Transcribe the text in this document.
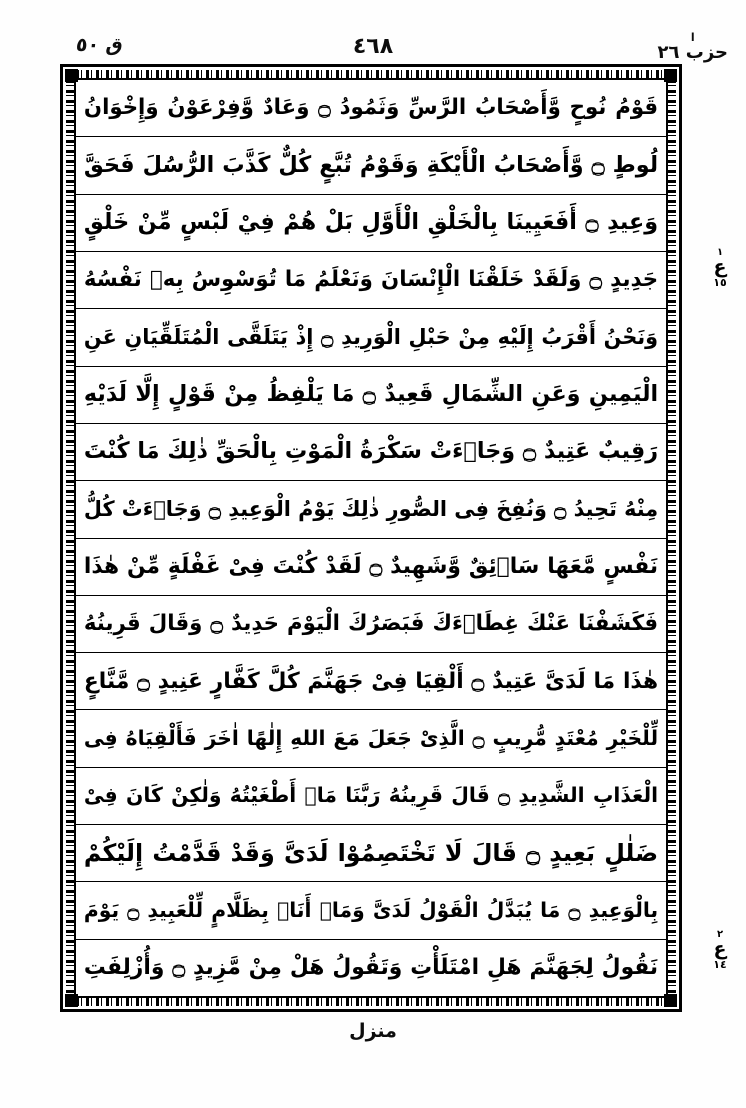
ق ٥٠	٤٦٨	ا
حزب ٢٦
قَوْمُ نُوحٍ وَّأَصْحَابُ الرَّسِّ وَثَمُودُ ۝ وَعَادٌ وَّفِرْعَوْنُ وَإِخْوَانُ
لُوطٍ ۝ وَّأَصْحَابُ الْأَيْكَةِ وَقَوْمُ تُبَّعٍ كُلٌّ كَذَّبَ الرُّسُلَ فَحَقَّ
وَعِيدِ ۝ أَفَعَيِينَا بِالْخَلْقِ الْأَوَّلِ بَلْ هُمْ فِيْ لَبْسٍ مِّنْ خَلْقٍ
جَدِيدٍ ۝ وَلَقَدْ خَلَقْنَا الْإِنْسَانَ وَنَعْلَمُ مَا تُوَسْوِسُ بِهٖ نَفْسُهُ
وَنَحْنُ أَقْرَبُ إِلَيْهِ مِنْ حَبْلِ الْوَرِيدِ ۝ إِذْ يَتَلَقَّى الْمُتَلَقِّيَانِ عَنِ
الْيَمِينِ وَعَنِ الشِّمَالِ قَعِيدٌ ۝ مَا يَلْفِظُ مِنْ قَوْلٍ إِلَّا لَدَيْهِ
رَقِيبٌ عَتِيدٌ ۝ وَجَاۤءَتْ سَكْرَةُ الْمَوْتِ بِالْحَقِّ ذٰلِكَ مَا كُنْتَ
مِنْهُ تَحِيدُ ۝ وَنُفِخَ فِى الصُّورِ ذٰلِكَ يَوْمُ الْوَعِيدِ ۝ وَجَاۤءَتْ كُلُّ
نَفْسٍ مَّعَهَا سَاۤئِقٌ وَّشَهِيدٌ ۝ لَقَدْ كُنْتَ فِىْ غَفْلَةٍ مِّنْ هٰذَا
فَكَشَفْنَا عَنْكَ غِطَاۤءَكَ فَبَصَرُكَ الْيَوْمَ حَدِيدٌ ۝ وَقَالَ قَرِينُهُ
هٰذَا مَا لَدَىَّ عَتِيدٌ ۝ أَلْقِيَا فِىْ جَهَنَّمَ كُلَّ كَفَّارٍ عَنِيدٍ ۝ مَّنَّاعٍ
لِّلْخَيْرِ مُعْتَدٍ مُّرِيبٍ ۝ الَّذِىْ جَعَلَ مَعَ اللهِ إِلٰهًا اٰخَرَ فَأَلْقِيَاهُ فِى
الْعَذَابِ الشَّدِيدِ ۝ قَالَ قَرِينُهُ رَبَّنَا مَاۤ أَطْغَيْتُهُ وَلٰكِنْ كَانَ فِىْ
ضَلٰلٍ بَعِيدٍ ۝ قَالَ لَا تَخْتَصِمُوْا لَدَىَّ وَقَدْ قَدَّمْتُ إِلَيْكُمْ
بِالْوَعِيدِ ۝ مَا يُبَدَّلُ الْقَوْلُ لَدَىَّ وَمَاۤ أَنَا۠ بِظَلَّامٍ لِّلْعَبِيدِ ۝ يَوْمَ
نَقُولُ لِجَهَنَّمَ هَلِ امْتَلَأْتِ وَتَقُولُ هَلْ مِنْ مَّزِيدٍ ۝ وَأُزْلِفَتِ
١
ع
١٥
٢
ع
١٤
منزل
